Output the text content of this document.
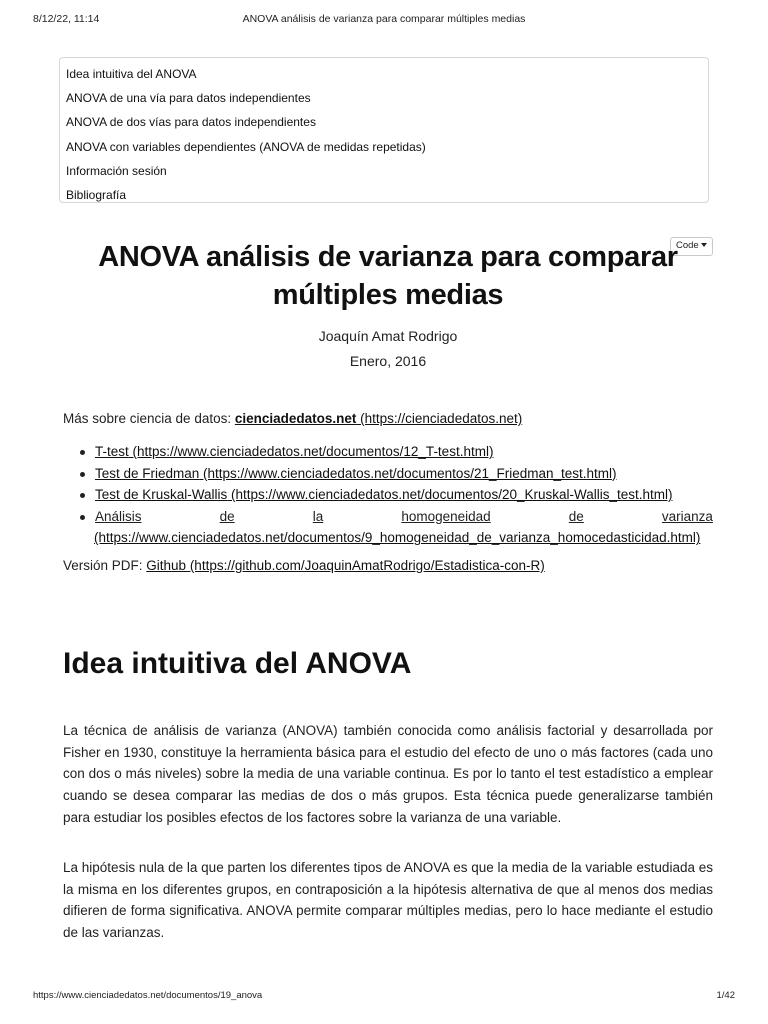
8/12/22, 11:14	ANOVA análisis de varianza para comparar múltiples medias
Idea intuitiva del ANOVA
ANOVA de una vía para datos independientes
ANOVA de dos vías para datos independientes
ANOVA con variables dependientes (ANOVA de medidas repetidas)
Información sesión
Bibliografía
Code
ANOVA análisis de varianza para comparar múltiples medias
Joaquín Amat Rodrigo
Enero, 2016
Más sobre ciencia de datos: cienciadedatos.net (https://cienciadedatos.net)
T-test (https://www.cienciadedatos.net/documentos/12_T-test.html)
Test de Friedman (https://www.cienciadedatos.net/documentos/21_Friedman_test.html)
Test de Kruskal-Wallis (https://www.cienciadedatos.net/documentos/20_Kruskal-Wallis_test.html)
Análisis	de	la	homogeneidad	de	varianza
(https://www.cienciadedatos.net/documentos/9_homogeneidad_de_varianza_homocedasticidad.html)
Versión PDF: Github (https://github.com/JoaquinAmatRodrigo/Estadistica-con-R)
Idea intuitiva del ANOVA

La técnica de análisis de varianza (ANOVA) también conocida como análisis factorial y desarrollada por Fisher en 1930, constituye la herramienta básica para el estudio del efecto de uno o más factores (cada uno con dos o más niveles) sobre la media de una variable continua. Es por lo tanto el test estadístico a emplear cuando se desea comparar las medias de dos o más grupos. Esta técnica puede generalizarse también para estudiar los posibles efectos de los factores sobre la varianza de una variable.

La hipótesis nula de la que parten los diferentes tipos de ANOVA es que la media de la variable estudiada es la misma en los diferentes grupos, en contraposición a la hipótesis alternativa de que al menos dos medias difieren de forma significativa. ANOVA permite comparar múltiples medias, pero lo hace mediante el estudio de las varianzas.

https://www.cienciadedatos.net/documentos/19_anova	1/42
